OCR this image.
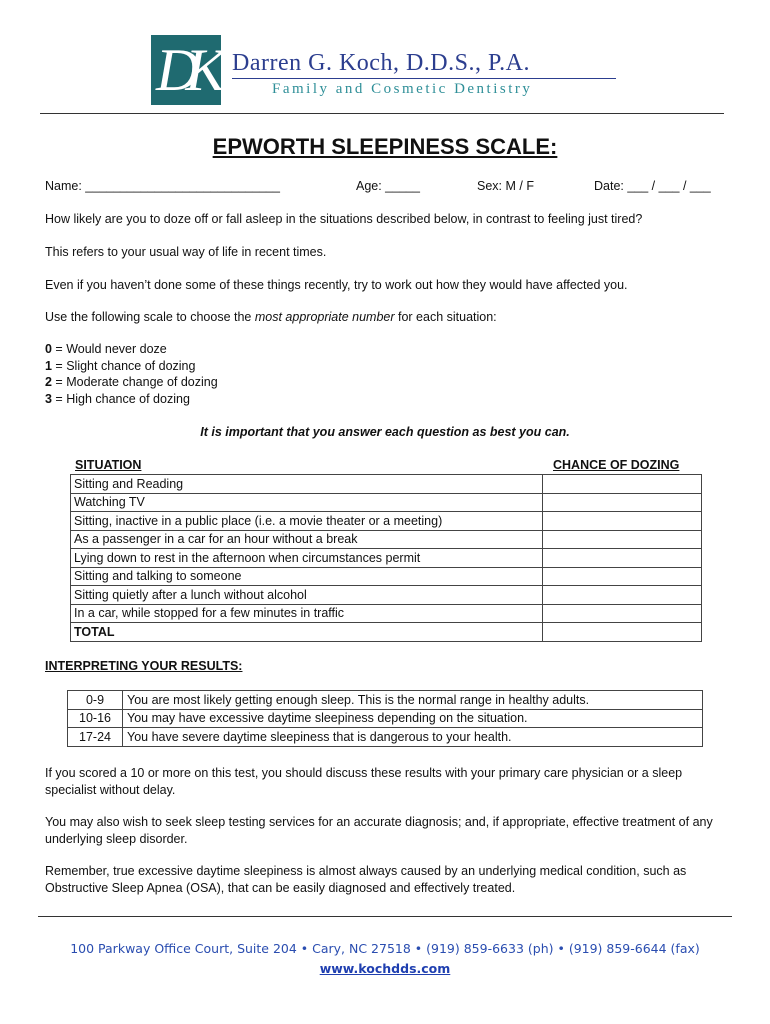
DK Darren G. Koch, D.D.S., P.A.
Family and Cosmetic Dentistry
EPWORTH SLEEPINESS SCALE:
Name: ____________________________	Age: _____	Sex: M / F	Date: ___ / ___ / ___
How likely are you to doze off or fall asleep in the situations described below, in contrast to feeling just tired?
This refers to your usual way of life in recent times.
Even if you haven’t done some of these things recently, try to work out how they would have affected you.
Use the following scale to choose the most appropriate number for each situation:
0 = Would never doze
1 = Slight chance of dozing
2 = Moderate change of dozing
3 = High chance of dozing
It is important that you answer each question as best you can.
SITUATION	CHANCE OF DOZING
Sitting and Reading	
Watching TV	
Sitting, inactive in a public place (i.e. a movie theater or a meeting)	
As a passenger in a car for an hour without a break	
Lying down to rest in the afternoon when circumstances permit	
Sitting and talking to someone	
Sitting quietly after a lunch without alcohol	
In a car, while stopped for a few minutes in traffic	
TOTAL	
INTERPRETING YOUR RESULTS:
0-9	You are most likely getting enough sleep. This is the normal range in healthy adults.
10-16	You may have excessive daytime sleepiness depending on the situation.
17-24	You have severe daytime sleepiness that is dangerous to your health.
If you scored a 10 or more on this test, you should discuss these results with your primary care physician or a sleep specialist without delay.
You may also wish to seek sleep testing services for an accurate diagnosis; and, if appropriate, effective treatment of any underlying sleep disorder.
Remember, true excessive daytime sleepiness is almost always caused by an underlying medical condition, such as Obstructive Sleep Apnea (OSA), that can be easily diagnosed and effectively treated.
100 Parkway Office Court, Suite 204 • Cary, NC 27518 • (919) 859-6633 (ph) • (919) 859-6644 (fax)
www.kochdds.com
